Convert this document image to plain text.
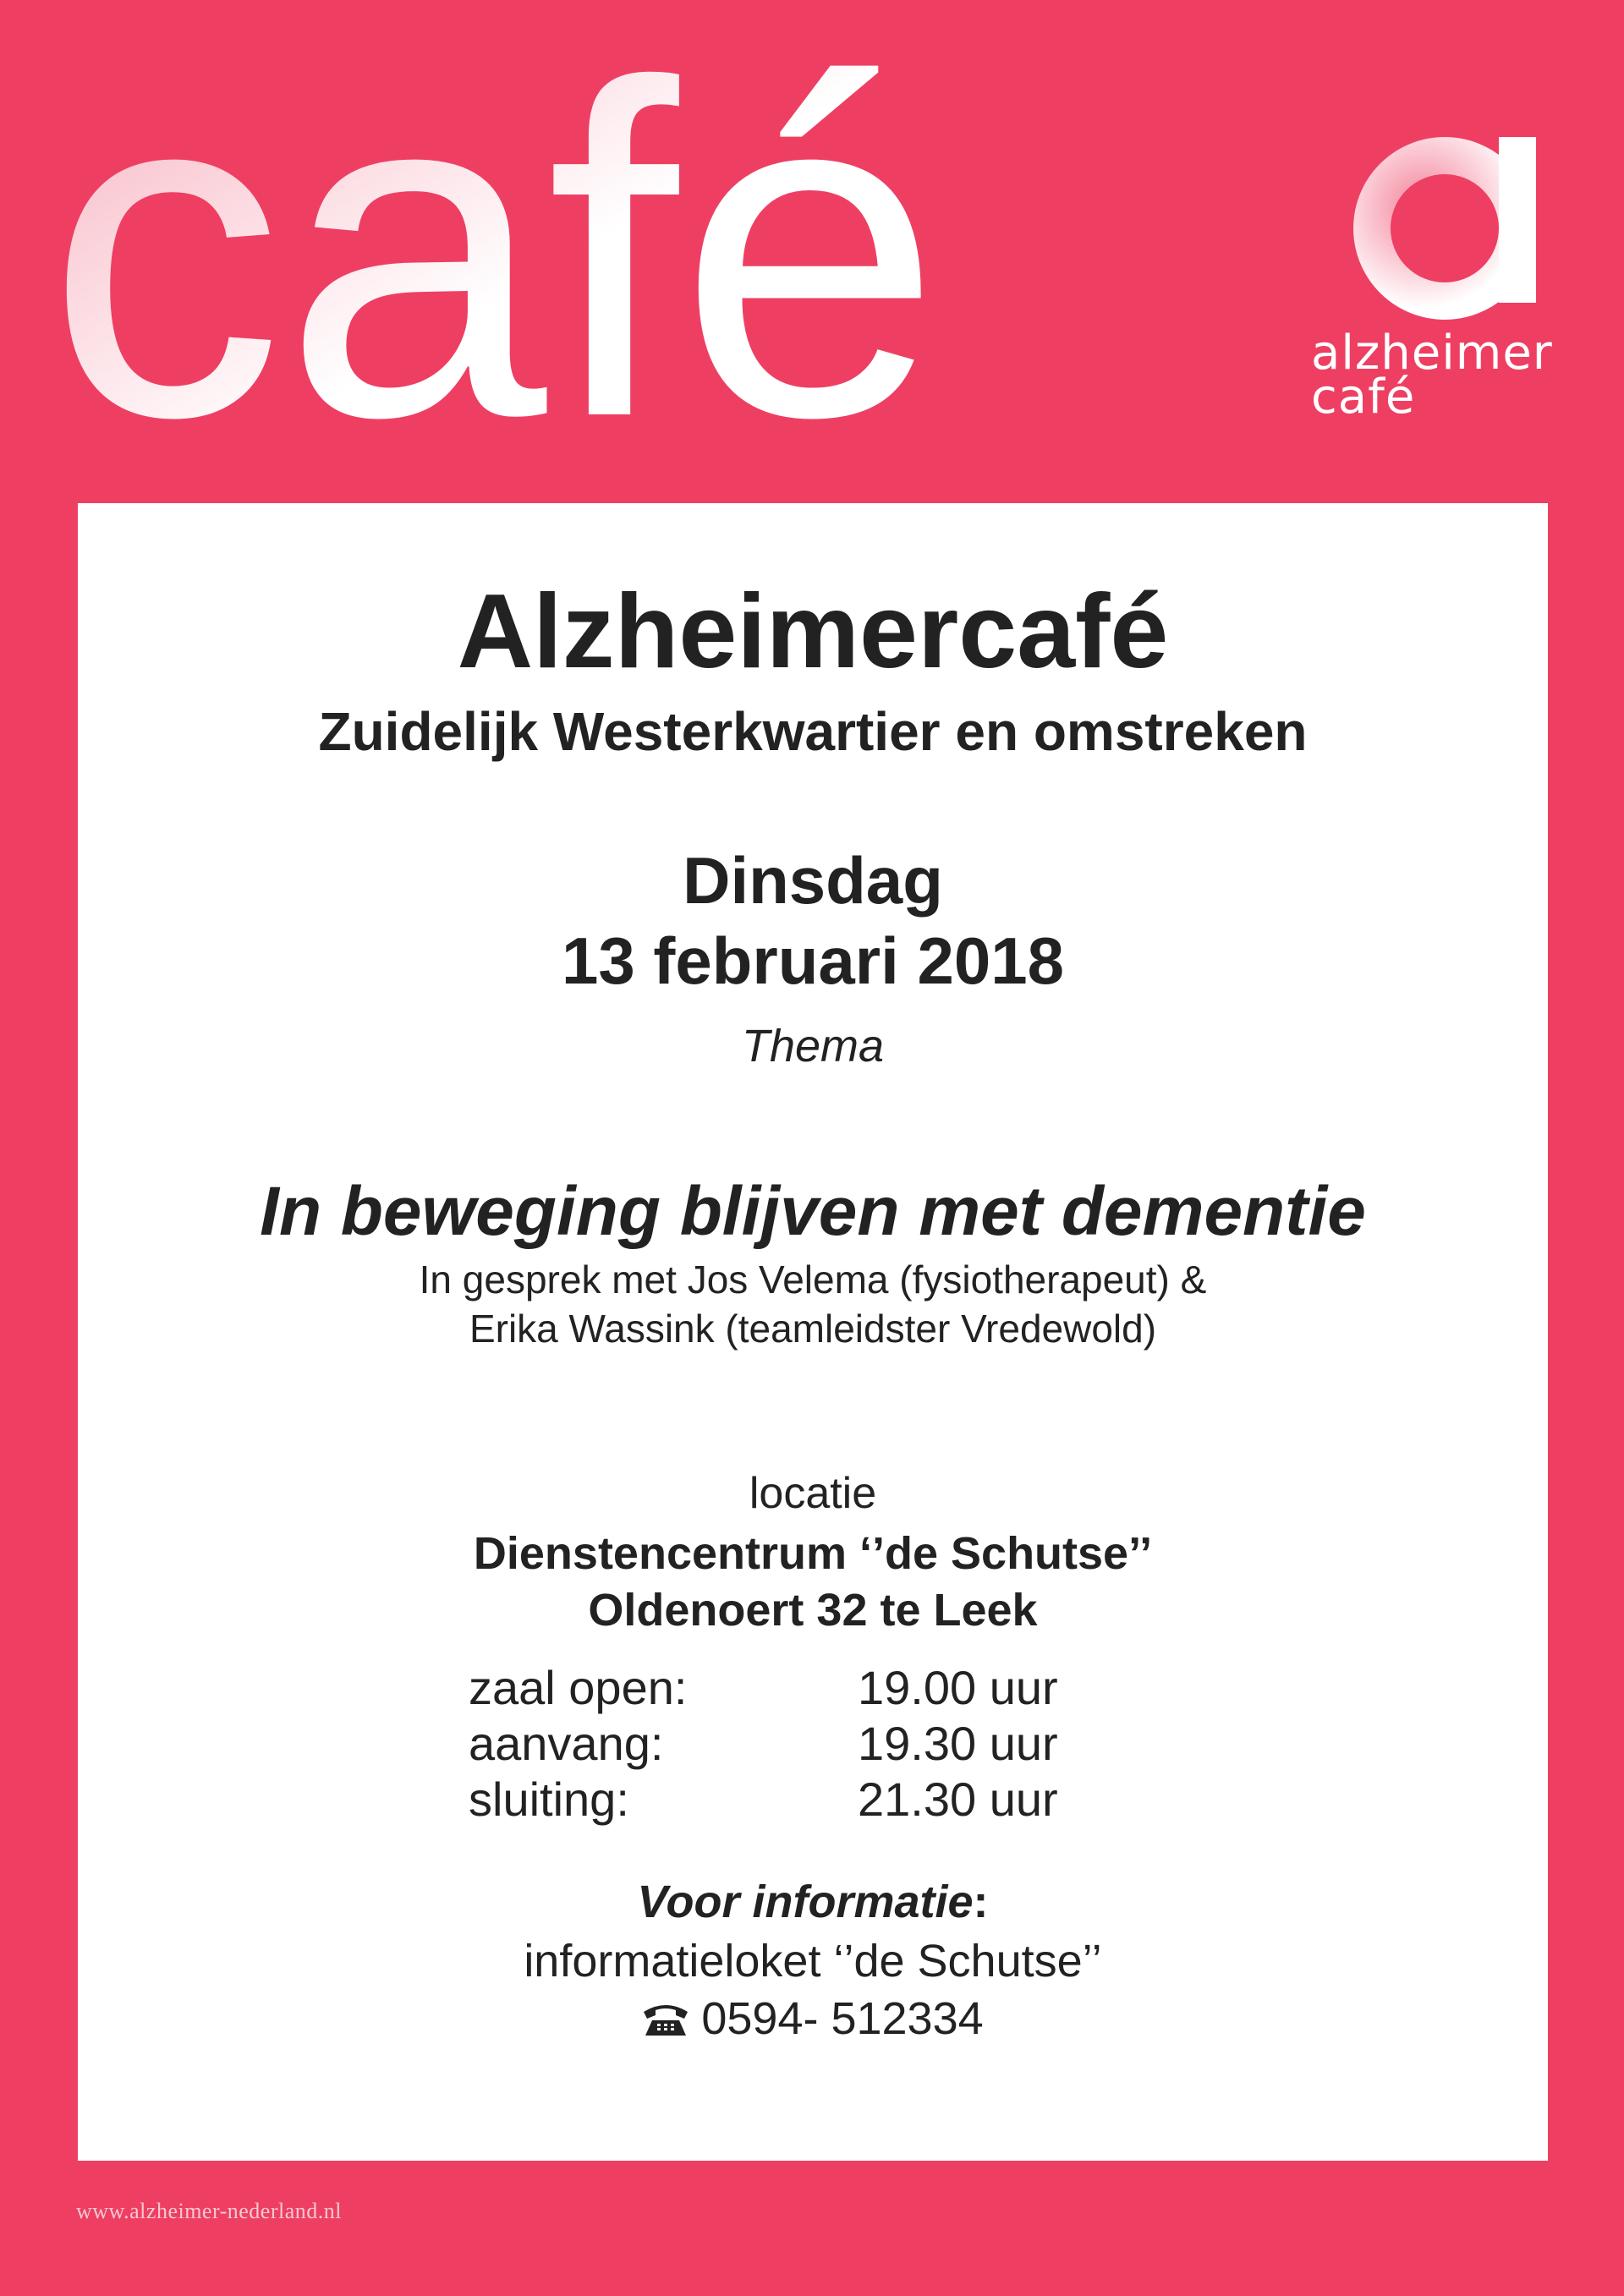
café	alzheimer
café
Alzheimercafé
Zuidelijk Westerkwartier en omstreken
Dinsdag
13 februari 2018
Thema
In beweging blijven met dementie
In gesprek met Jos Velema (fysiotherapeut) &
Erika Wassink (teamleidster Vredewold)
locatie
Dienstencentrum ‘’de Schutse’’
Oldenoert 32 te Leek
zaal open:	19.00 uur
aanvang:	19.30 uur
sluiting:	21.30 uur
Voor informatie:
informatieloket ‘’de Schutse’’
0594- 512334
www.alzheimer-nederland.nl
